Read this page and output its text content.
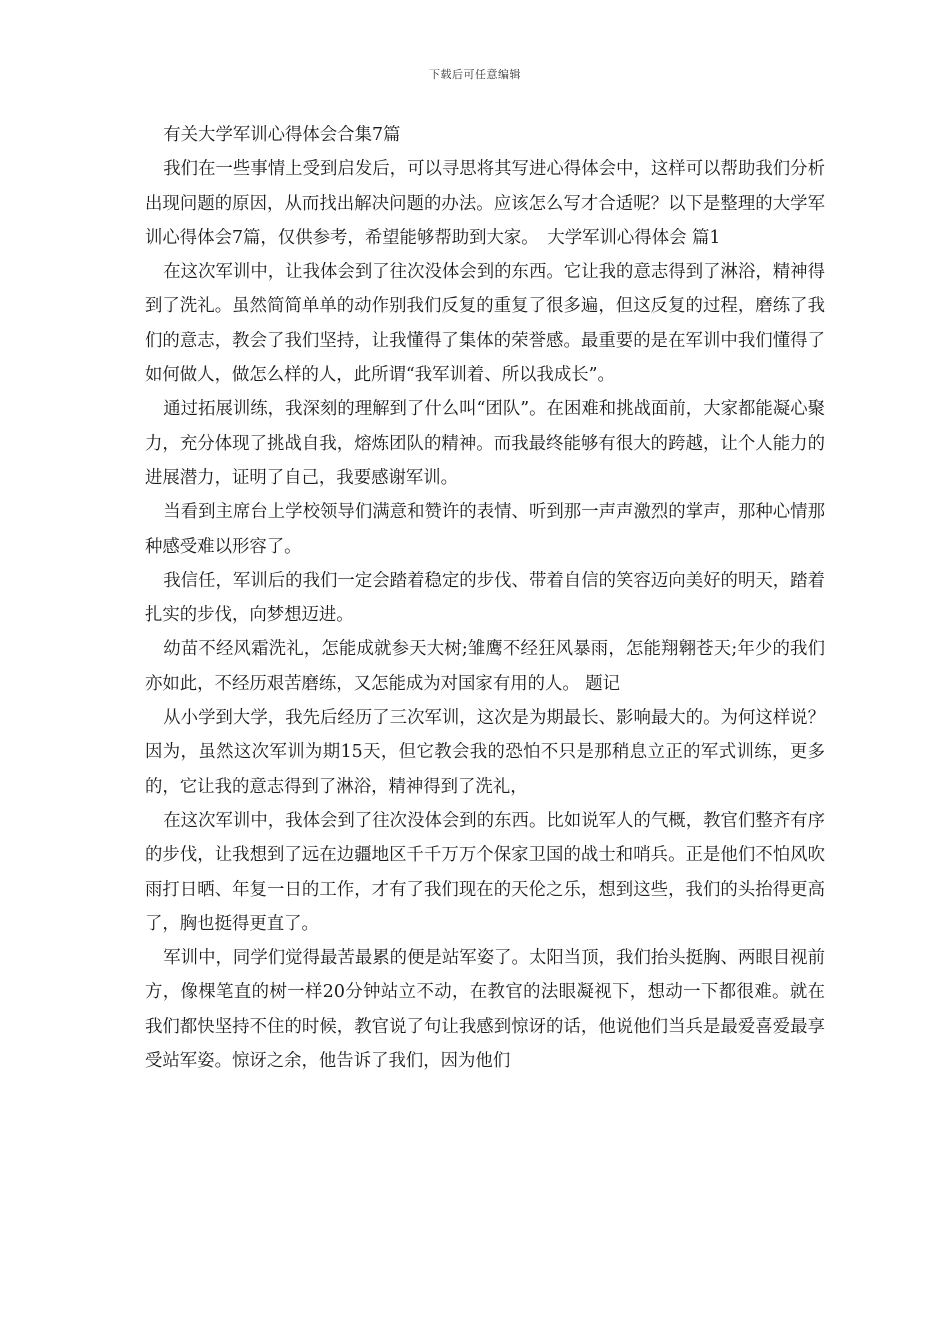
下载后可任意编辑

有关大学军训心得体会合集7篇

我们在一些事情上受到启发后，可以寻思将其写进心得体会中，这样可以帮助我们分析出现问题的原因，从而找出解决问题的办法。应该怎么写才合适呢？以下是整理的大学军训心得体会7篇，仅供参考，希望能够帮助到大家。　大学军训心得体会 篇1

在这次军训中，让我体会到了往次没体会到的东西。它让我的意志得到了淋浴，精神得到了洗礼。虽然简简单单的动作别我们反复的重复了很多遍，但这反复的过程，磨练了我们的意志，教会了我们坚持，让我懂得了集体的荣誉感。最重要的是在军训中我们懂得了如何做人，做怎么样的人，此所谓“我军训着、所以我成长”。

通过拓展训练，我深刻的理解到了什么叫“团队”。在困难和挑战面前，大家都能凝心聚力，充分体现了挑战自我，熔炼团队的精神。而我最终能够有很大的跨越，让个人能力的进展潜力，证明了自己，我要感谢军训。

当看到主席台上学校领导们满意和赞许的表情、听到那一声声激烈的掌声，那种心情那种感受难以形容了。

我信任，军训后的我们一定会踏着稳定的步伐、带着自信的笑容迈向美好的明天，踏着扎实的步伐，向梦想迈进。

幼苗不经风霜洗礼，怎能成就参天大树;雏鹰不经狂风暴雨，怎能翔翱苍天;年少的我们亦如此，不经历艰苦磨练，又怎能成为对国家有用的人。 题记

从小学到大学，我先后经历了三次军训，这次是为期最长、影响最大的。为何这样说？因为，虽然这次军训为期15天，但它教会我的恐怕不只是那稍息立正的军式训练，更多的，它让我的意志得到了淋浴，精神得到了洗礼，

在这次军训中，我体会到了往次没体会到的东西。比如说军人的气概，教官们整齐有序的步伐，让我想到了远在边疆地区千千万万个保家卫国的战士和哨兵。正是他们不怕风吹雨打日晒、年复一日的工作，才有了我们现在的天伦之乐，想到这些，我们的头抬得更高了，胸也挺得更直了。

军训中，同学们觉得最苦最累的便是站军姿了。太阳当顶，我们抬头挺胸、两眼目视前方，像棵笔直的树一样20分钟站立不动，在教官的法眼凝视下，想动一下都很难。就在我们都快坚持不住的时候，教官说了句让我感到惊讶的话，他说他们当兵是最爱喜爱最享受站军姿。惊讶之余，他告诉了我们，因为他们
